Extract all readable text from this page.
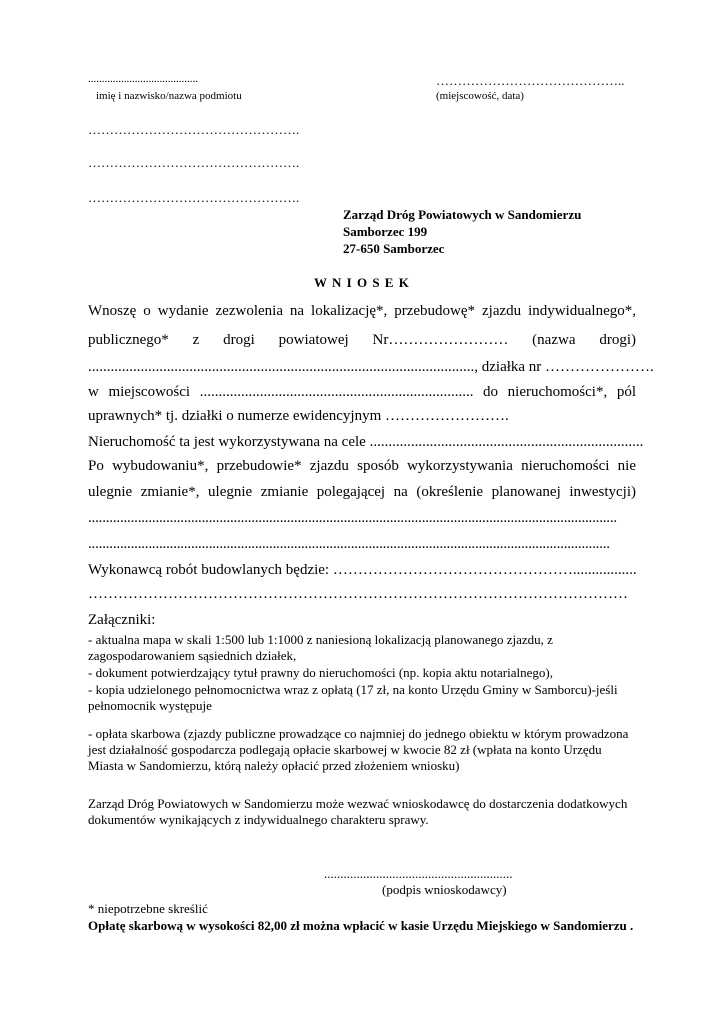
........................................
imię i nazwisko/nazwa podmiotu
……………………………………..
(miejscowość, data)
………………………………………….
………………………………………….
………………………………………….
Zarząd Dróg Powiatowych w Sandomierzu
Samborzec 199
27-650 Samborzec
W N I O S E K
Wnoszę o wydanie zezwolenia na lokalizację*, przebudowę* zjazdu indywidualnego*,
publicznego* z drogi powiatowej Nr…………………… (nazwa drogi)
......................................................................................................., działka nr ………………….
w miejscowości ......................................................................... do nieruchomości*, pól
uprawnych* tj. działki o numerze ewidencyjnym …………………….
Nieruchomość ta jest wykorzystywana na cele .........................................................................
Po wybudowaniu*, przebudowie* zjazdu sposób wykorzystywania nieruchomości nie
ulegnie zmianie*, ulegnie zmianie polegającej na (określenie planowanej inwestycji)
.....................................................................................................................................................
...................................................................................................................................................
Wykonawcą robót budowlanych będzie: ………………………………………….................
………………………………………………………………………………………………
Załączniki:
- aktualna mapa w skali 1:500 lub 1:1000 z naniesioną lokalizacją planowanego zjazdu, z zagospodarowaniem sąsiednich działek,
- dokument potwierdzający tytuł prawny do nieruchomości (np. kopia aktu notarialnego),
- kopia udzielonego pełnomocnictwa wraz z opłatą (17 zł, na konto Urzędu Gminy w Samborcu)-jeśli pełnomocnik występuje
- opłata skarbowa (zjazdy publiczne prowadzące co najmniej do jednego obiektu w którym prowadzona jest działalność gospodarcza podlegają opłacie skarbowej w kwocie 82 zł (wpłata na konto Urzędu Miasta w Sandomierzu, którą należy opłacić przed złożeniem wniosku)
Zarząd Dróg Powiatowych w Sandomierzu może wezwać wnioskodawcę do dostarczenia dodatkowych dokumentów wynikających z indywidualnego charakteru sprawy.
..........................................................
(podpis wnioskodawcy)
* niepotrzebne skreślić
Opłatę skarbową w wysokości 82,00 zł można wpłacić w kasie Urzędu Miejskiego w Sandomierzu .
